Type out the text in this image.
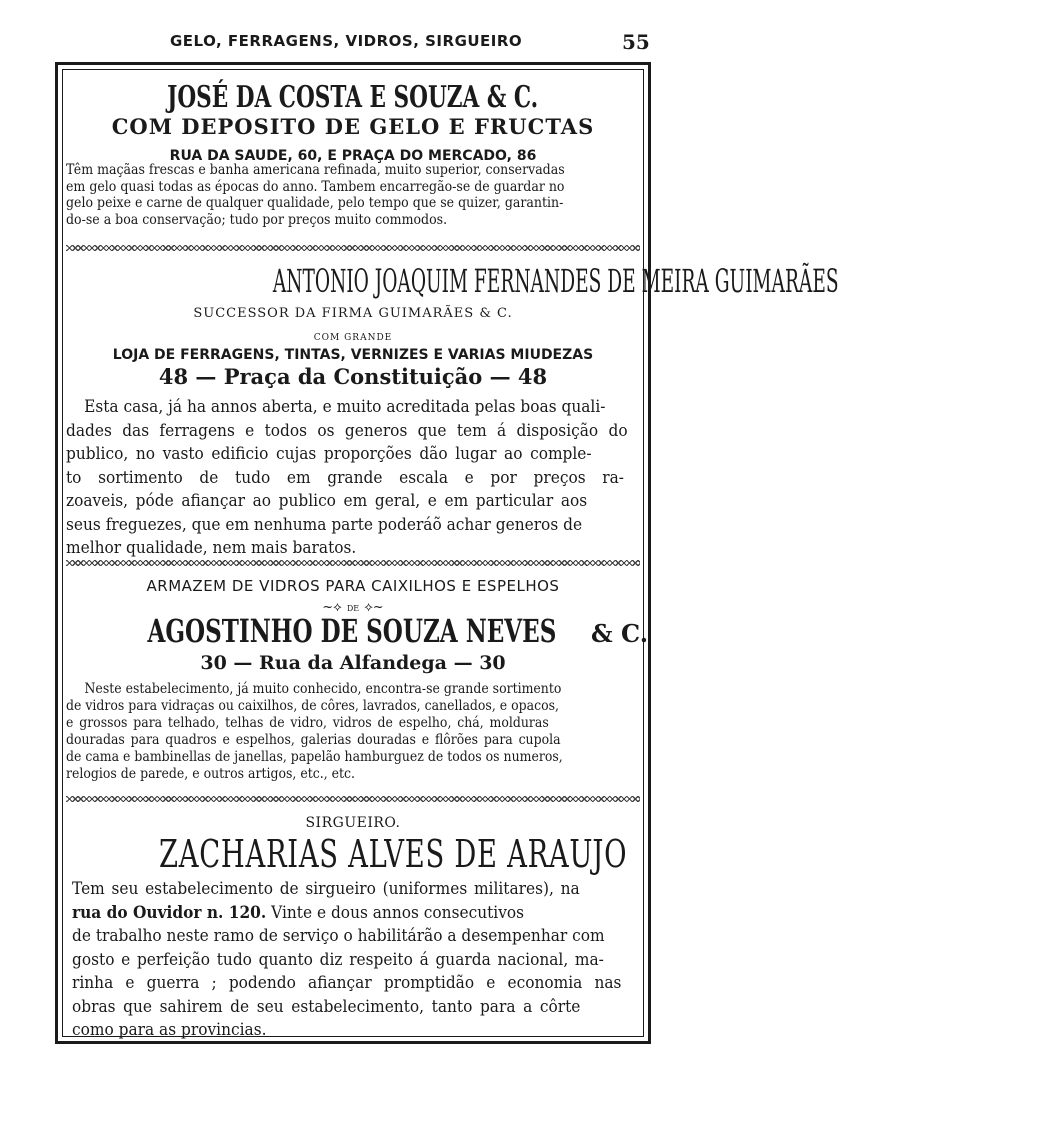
GELO, FERRAGENS, VIDROS, SIRGUEIRO	55
JOSÉ DA COSTA E SOUZA & C.
COM DEPOSITO DE GELO E FRUCTAS
RUA DA SAUDE, 60, E PRAÇA DO MERCADO, 86
Têm maçãas frescas e banha americana refinada, muito superior, conservadas
em gelo quasi todas as épocas do anno. Tambem encarregão-se de guardar no
gelo peixe e carne de qualquer qualidade, pelo tempo que se quizer, garantin-
do-se a boa conservação; tudo por preços muito commodos.
ANTONIO JOAQUIM FERNANDES DE MEIRA GUIMARÃES
SUCCESSOR DA FIRMA GUIMARÃES & C.
COM GRANDE
LOJA DE FERRAGENS, TINTAS, VERNIZES E VARIAS MIUDEZAS
48 — Praça da Constituição — 48
Esta casa, já ha annos aberta, e muito acreditada pelas boas quali-
dades das ferragens e todos os generos que tem á disposição do
publico, no vasto edificio cujas proporções dão lugar ao comple-
to sortimento de tudo em grande escala e por preços ra-
zoaveis, póde afiançar ao publico em geral, e em particular aos
seus freguezes, que em nenhuma parte poderáõ achar generos de
melhor qualidade, nem mais baratos.
ARMAZEM DE VIDROS PARA CAIXILHOS E ESPELHOS
~⟡ DE ⟡~
AGOSTINHO DE SOUZA NEVES & C.
30 — Rua da Alfandega — 30
Neste estabelecimento, já muito conhecido, encontra-se grande sortimento
de vidros para vidraças ou caixilhos, de côres, lavrados, canellados, e opacos,
e grossos para telhado, telhas de vidro, vidros de espelho, chá, molduras
douradas para quadros e espelhos, galerias douradas e flôrões para cupola
de cama e bambinellas de janellas, papelão hamburguez de todos os numeros,
relogios de parede, e outros artigos, etc., etc.
SIRGUEIRO.
ZACHARIAS ALVES DE ARAUJO
Tem seu estabelecimento de sirgueiro (uniformes militares), na
rua do Ouvidor n. 120. Vinte e dous annos consecutivos
de trabalho neste ramo de serviço o habilitárão a desempenhar com
gosto e perfeição tudo quanto diz respeito á guarda nacional, ma-
rinha e guerra ; podendo afiançar promptidão e economia nas
obras que sahirem de seu estabelecimento, tanto para a côrte
como para as provincias.
